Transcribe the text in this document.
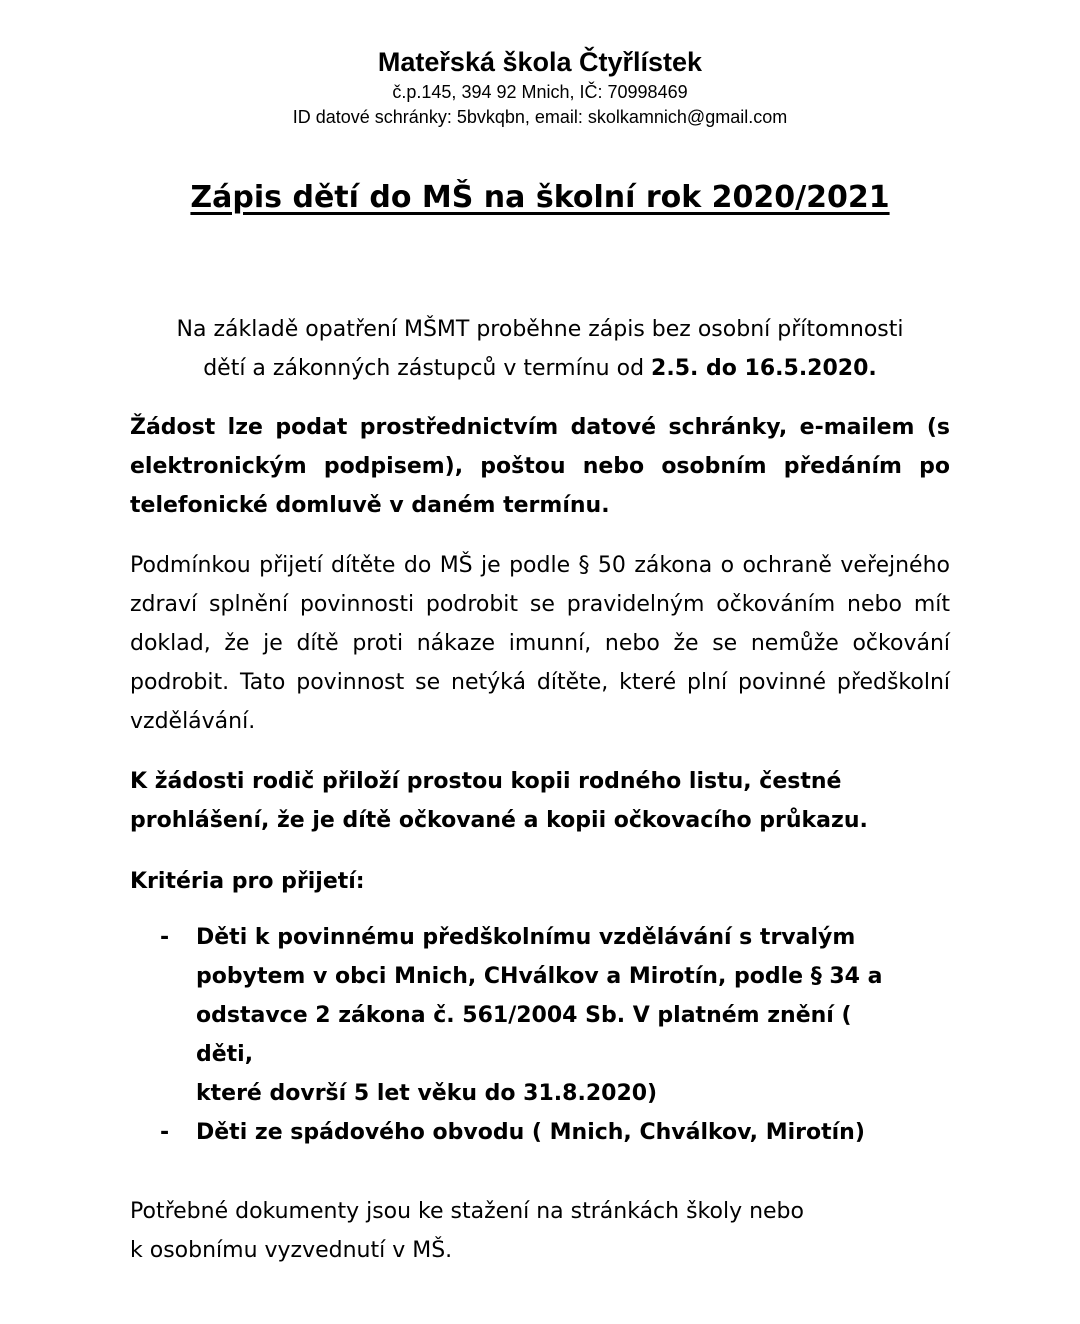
Mateřská škola Čtyřlístek
č.p.145, 394 92 Mnich, IČ: 70998469
ID datové schránky: 5bvkqbn, email: skolkamnich@gmail.com
Zápis dětí do MŠ na školní rok 2020/2021
Na základě opatření MŠMT proběhne zápis bez osobní přítomnosti
dětí a zákonných zástupců v termínu od 2.5. do 16.5.2020.

Žádost lze podat prostřednictvím datové schránky, e-mailem (s elektronickým podpisem), poštou nebo osobním předáním po telefonické domluvě v daném termínu.

Podmínkou přijetí dítěte do MŠ je podle § 50 zákona o ochraně veřejného zdraví splnění povinnosti podrobit se pravidelným očkováním nebo mít doklad, že je dítě proti nákaze imunní, nebo že se nemůže očkování podrobit. Tato povinnost se netýká dítěte, které plní povinné předškolní vzdělávání.

K žádosti rodič přiloží prostou kopii rodného listu, čestné
prohlášení, že je dítě očkované a kopii očkovacího průkazu.
Kritéria pro přijetí:
- Děti k povinnému předškolnímu vzdělávání s trvalým
pobytem v obci Mnich, CHválkov a Mirotín, podle § 34 a
odstavce 2 zákona č. 561/2004 Sb. V platném znění ( děti,
které dovrší 5 let věku do 31.8.2020)
- Děti ze spádového obvodu ( Mnich, Chválkov, Mirotín)
Potřebné dokumenty jsou ke stažení na stránkách školy nebo
k osobnímu vyzvednutí v MŠ.
